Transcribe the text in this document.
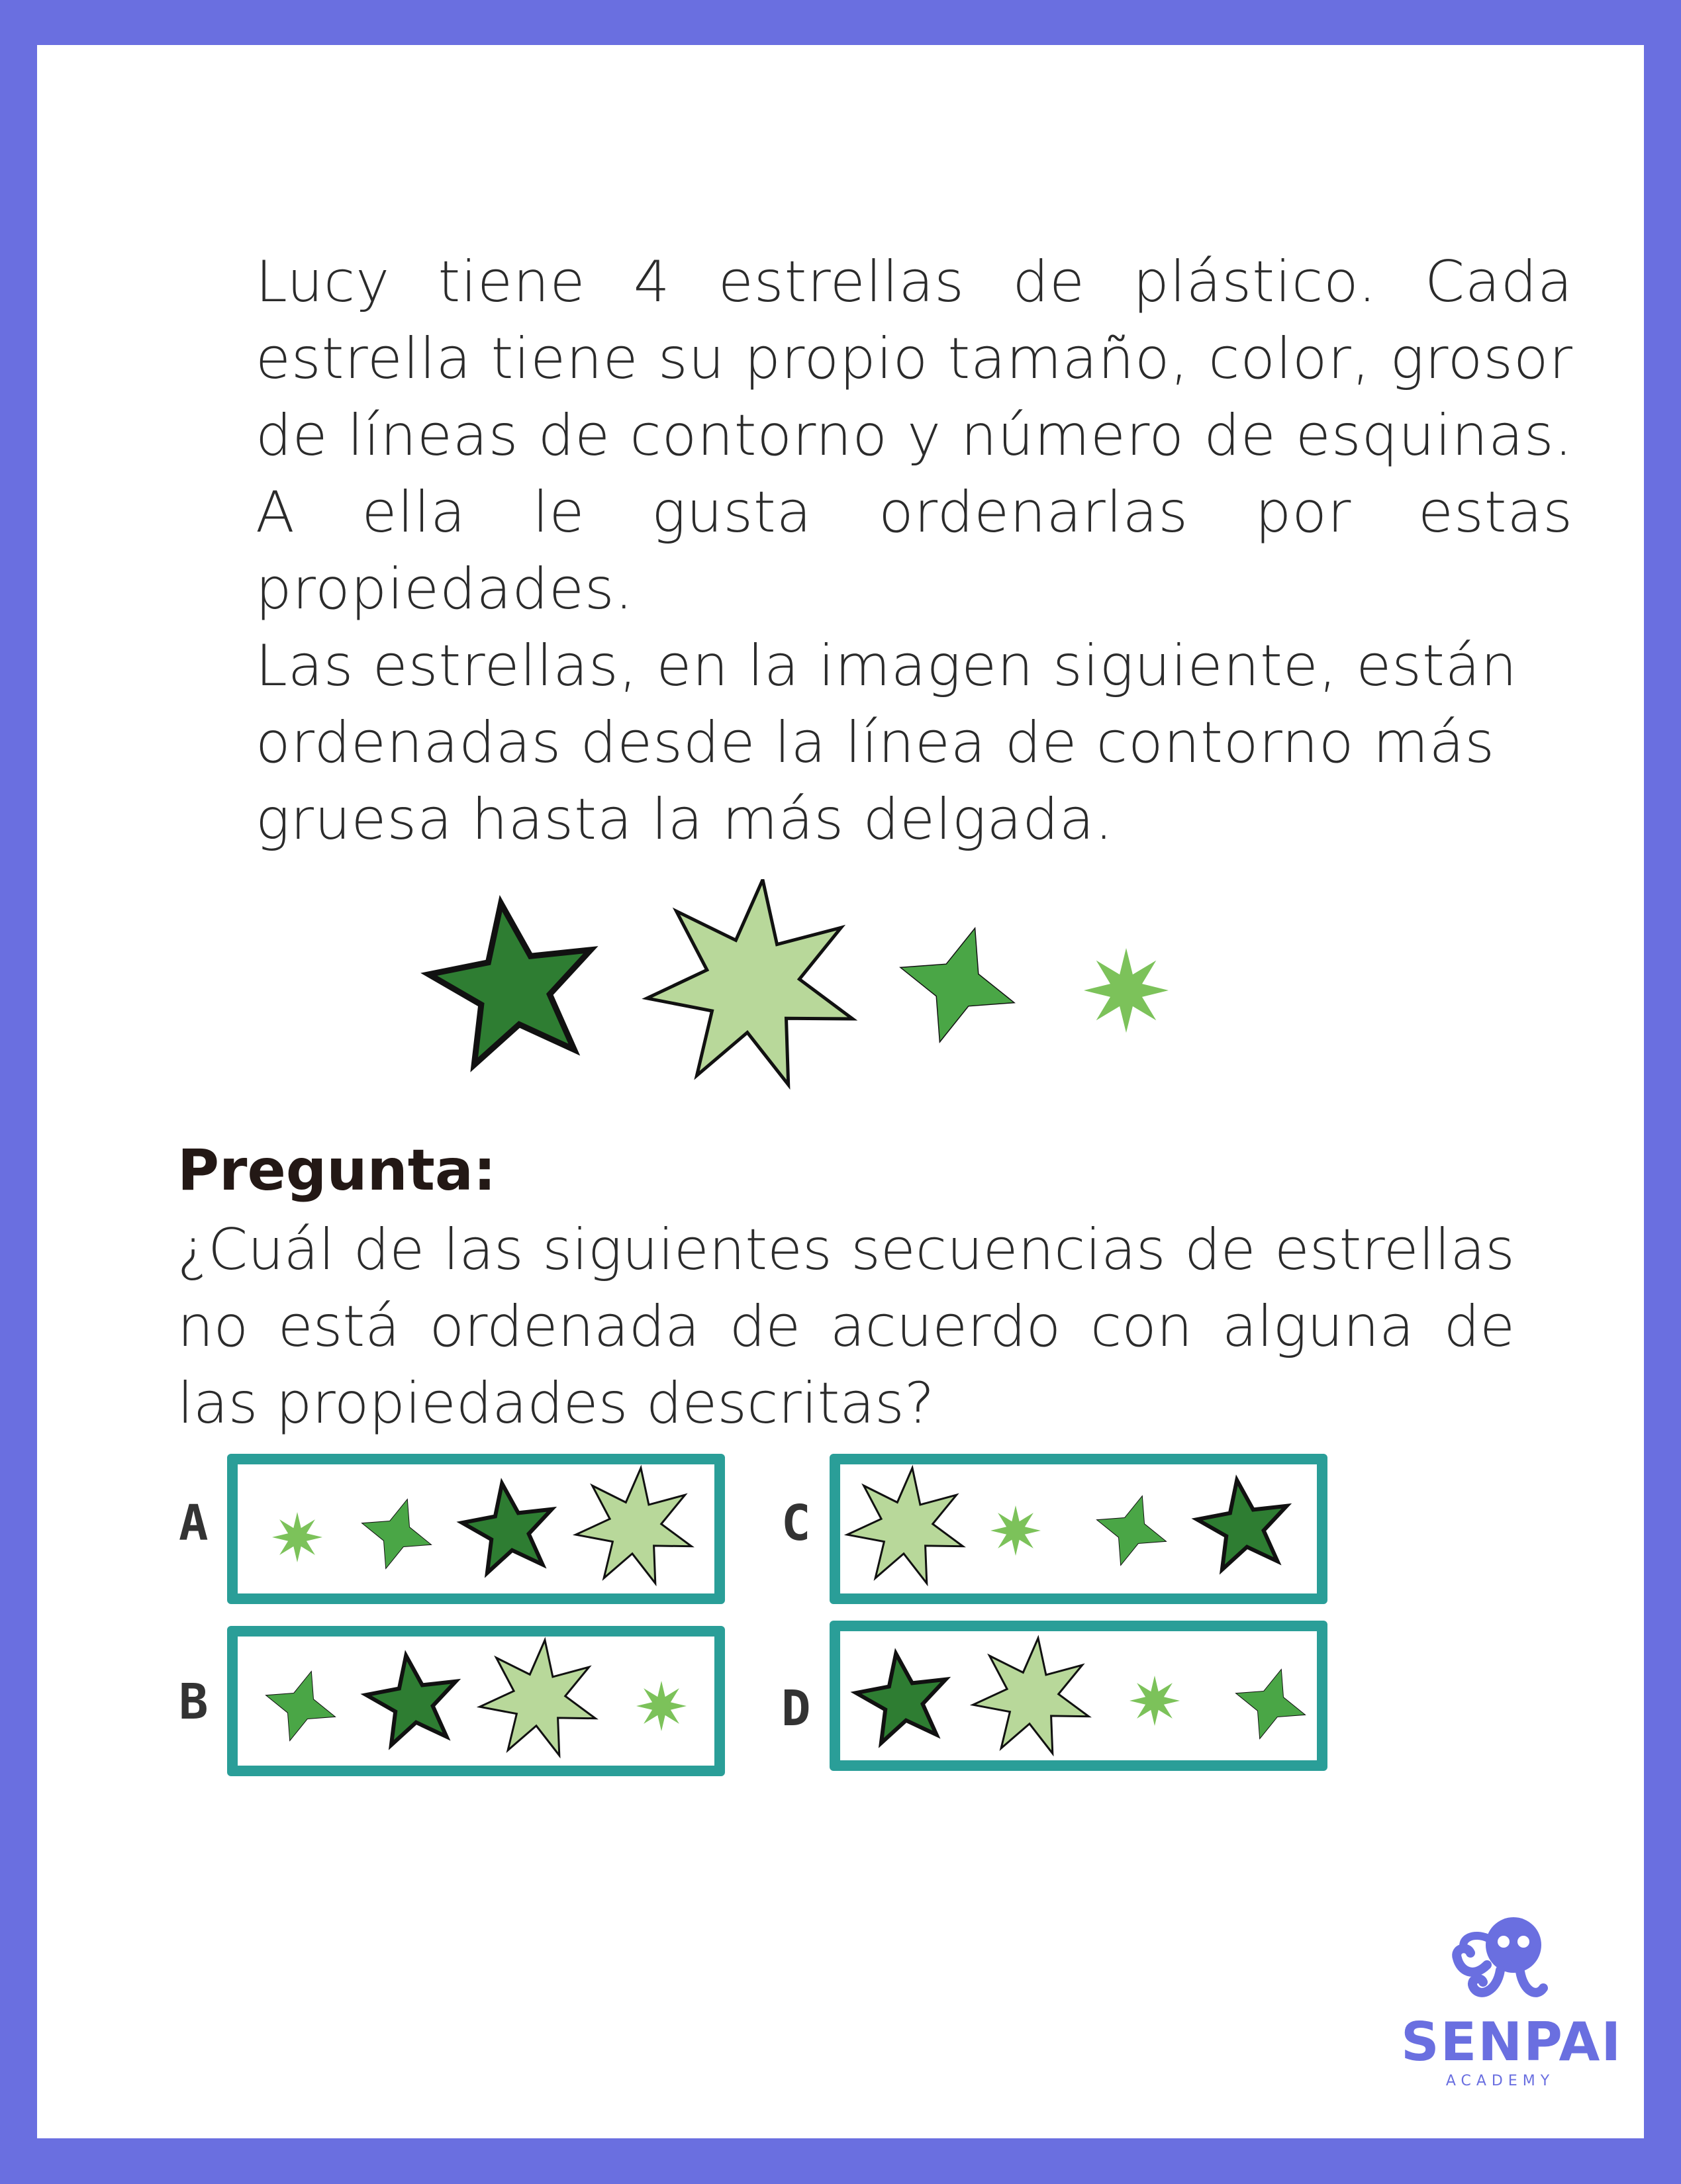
Lucy tiene 4 estrellas de plástico. Cada estrella tiene su propio tamaño, color, grosor de líneas de contorno y número de esquinas. A ella le gusta ordenarlas por estas propiedades.

Las estrellas, en la imagen siguiente, están ordenadas desde la línea de contorno más gruesa hasta la más delgada.

Pregunta:

¿Cuál de las siguientes secuencias de estrellas no está ordenada de acuerdo con alguna de las propiedades descritas?

A
B
C
D
SENPAI
ACADEMY
